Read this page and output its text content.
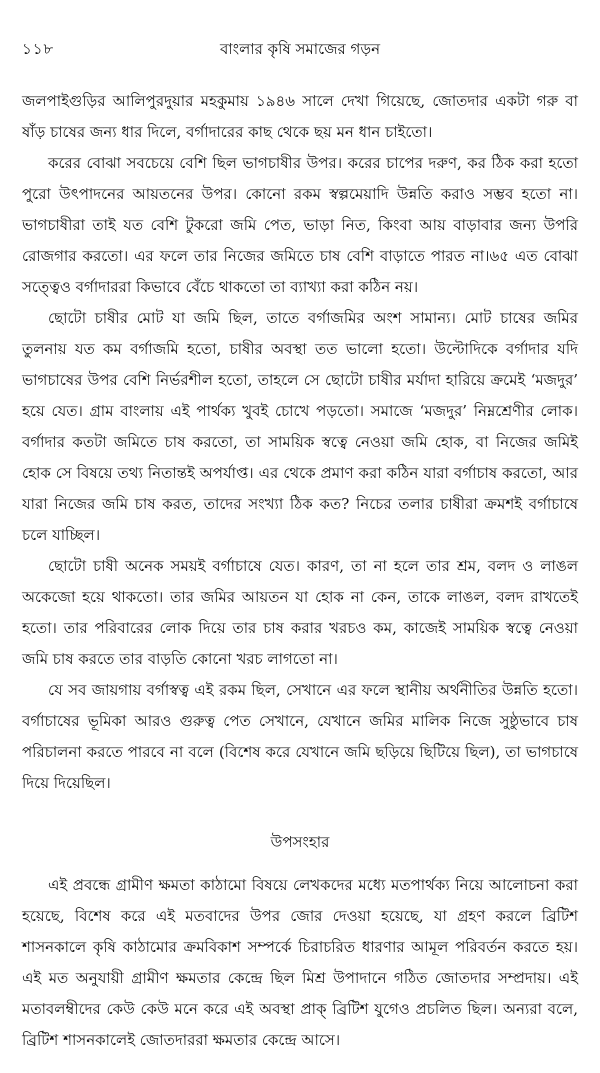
১১৮	বাংলার কৃষি সমাজের গড়ন

জলপাইগুড়ির আলিপুরদুয়ার মহকুমায় ১৯৪৬ সালে দেখা গিয়েছে, জোতদার একটা গরু বা ষাঁড় চাষের জন্য ধার দিলে, বর্গাদারের কাছ থেকে ছয় মন ধান চাইতো।

করের বোঝা সবচেয়ে বেশি ছিল ভাগচাষীর উপর। করের চাপের দরুণ, কর ঠিক করা হতো পুরো উৎপাদনের আয়তনের উপর। কোনো রকম স্বল্পমেয়াদি উন্নতি করাও সম্ভব হতো না। ভাগচাষীরা তাই যত বেশি টুকরো জমি পেত, ভাড়া নিত, কিংবা আয় বাড়াবার জন্য উপরি রোজগার করতো। এর ফলে তার নিজের জমিতে চাষ বেশি বাড়াতে পারত না।৬৫ এত বোঝা সত্ত্বেও বর্গাদাররা কিভাবে বেঁচে থাকতো তা ব্যাখ্যা করা কঠিন নয়।

ছোটো চাষীর মোট যা জমি ছিল, তাতে বর্গাজমির অংশ সামান্য। মোট চাষের জমির তুলনায় যত কম বর্গাজমি হতো, চাষীর অবস্থা তত ভালো হতো। উল্টোদিকে বর্গাদার যদি ভাগচাষের উপর বেশি নির্ভরশীল হতো, তাহলে সে ছোটো চাষীর মর্যাদা হারিয়ে ক্রমেই ‘মজদুর’ হয়ে যেত। গ্রাম বাংলায় এই পার্থক্য খুবই চোখে পড়তো। সমাজে ‘মজদুর’ নিম্নশ্রেণীর লোক। বর্গাদার কতটা জমিতে চাষ করতো, তা সাময়িক স্বত্বে নেওয়া জমি হোক, বা নিজের জমিই হোক সে বিষয়ে তথ্য নিতান্তই অপর্যাপ্ত। এর থেকে প্রমাণ করা কঠিন যারা বর্গাচাষ করতো, আর যারা নিজের জমি চাষ করত, তাদের সংখ্যা ঠিক কত? নিচের তলার চাষীরা ক্রমশই বর্গাচাষে চলে যাচ্ছিল।

ছোটো চাষী অনেক সময়ই বর্গাচাষে যেত। কারণ, তা না হলে তার শ্রম, বলদ ও লাঙল অকেজো হয়ে থাকতো। তার জমির আয়তন যা হোক না কেন, তাকে লাঙল, বলদ রাখতেই হতো। তার পরিবারের লোক দিয়ে তার চাষ করার খরচও কম, কাজেই সাময়িক স্বত্বে নেওয়া জমি চাষ করতে তার বাড়তি কোনো খরচ লাগতো না।

যে সব জায়গায় বর্গাস্বত্ব এই রকম ছিল, সেখানে এর ফলে স্থানীয় অর্থনীতির উন্নতি হতো। বর্গাচাষের ভূমিকা আরও গুরুত্ব পেত সেখানে, যেখানে জমির মালিক নিজে সুষ্ঠুভাবে চাষ পরিচালনা করতে পারবে না বলে (বিশেষ করে যেখানে জমি ছড়িয়ে ছিটিয়ে ছিল), তা ভাগচাষে দিয়ে দিয়েছিল।

উপসংহার

এই প্রবন্ধে গ্রামীণ ক্ষমতা কাঠামো বিষয়ে লেখকদের মধ্যে মতপার্থক্য নিয়ে আলোচনা করা হয়েছে, বিশেষ করে এই মতবাদের উপর জোর দেওয়া হয়েছে, যা গ্রহণ করলে ব্রিটিশ শাসনকালে কৃষি কাঠামোর ক্রমবিকাশ সম্পর্কে চিরাচরিত ধারণার আমূল পরিবর্তন করতে হয়। এই মত অনুযায়ী গ্রামীণ ক্ষমতার কেন্দ্রে ছিল মিশ্র উপাদানে গঠিত জোতদার সম্প্রদায়। এই মতাবলম্বীদের কেউ কেউ মনে করে এই অবস্থা প্রাক্ ব্রিটিশ যুগেও প্রচলিত ছিল। অন্যরা বলে, ব্রিটিশ শাসনকালেই জোতদাররা ক্ষমতার কেন্দ্রে আসে।
